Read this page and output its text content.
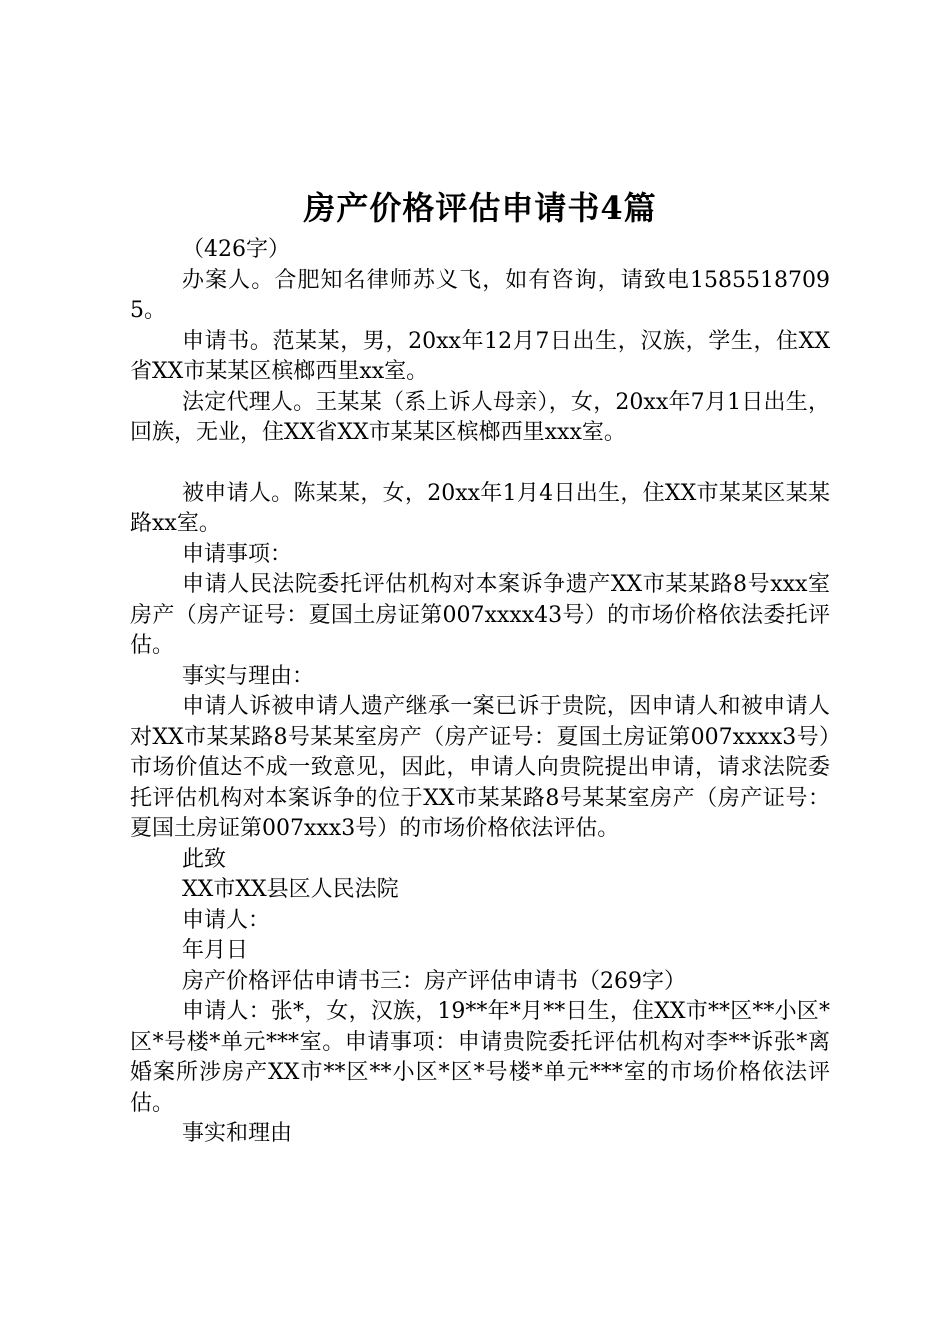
房产价格评估申请书4篇

（426字）

办案人。合肥知名律师苏义飞，如有咨询，请致电15855187095。

申请书。范某某，男，20xx年12月7日出生，汉族，学生，住XX省XX市某某区槟榔西里xx室。

法定代理人。王某某（系上诉人母亲），女，20xx年7月1日出生，回族，无业，住XX省XX市某某区槟榔西里xxx室。

被申请人。陈某某，女，20xx年1月4日出生，住XX市某某区某某路xx室。

申请事项：

申请人民法院委托评估机构对本案诉争遗产XX市某某路8号xxx室房产（房产证号：夏国土房证第007xxxx43号）的市场价格依法委托评估。

事实与理由：

申请人诉被申请人遗产继承一案已诉于贵院，因申请人和被申请人对XX市某某路8号某某室房产（房产证号：夏国土房证第007xxxx3号）市场价值达不成一致意见，因此，申请人向贵院提出申请，请求法院委托评估机构对本案诉争的位于XX市某某路8号某某室房产（房产证号：夏国土房证第007xxx3号）的市场价格依法评估。

此致

XX市XX县区人民法院

申请人：

年月日

房产价格评估申请书三：房产评估申请书（269字）

申请人：张*，女，汉族，19**年*月**日生，住XX市**区**小区*区*号楼*单元***室。申请事项：申请贵院委托评估机构对李**诉张*离婚案所涉房产XX市**区**小区*区*号楼*单元***室的市场价格依法评估。

事实和理由
